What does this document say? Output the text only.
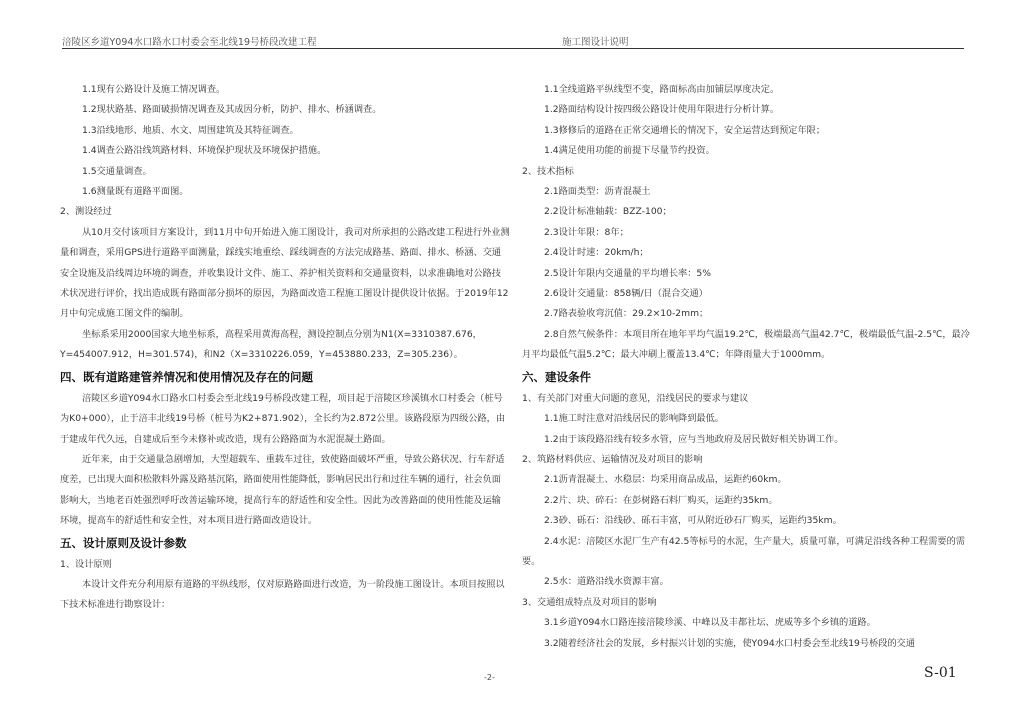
涪陵区乡道Y094水口路水口村委会至北线19号桥段改建工程	施工图设计说明

1.1现有公路设计及施工情况调查。

1.2现状路基、路面破损情况调查及其成因分析，防护、排水、桥涵调查。

1.3沿线地形、地质、水文、周围建筑及其特征调查。

1.4调查公路沿线筑路材料、环境保护现状及环境保护措施。

1.5交通量调查。

1.6测量既有道路平面图。

2、测设经过

从10月交付该项目方案设计，到11月中旬开始进入施工图设计，我司对所承担的公路改建工程进行外业测量和调查，采用GPS进行道路平面测量，踩线实地重绘、踩线调查的方法完成路基、路面、排水、桥涵、交通安全设施及沿线周边环境的调查，并收集设计文件、施工、养护相关资料和交通量资料，以求准确地对公路技术状况进行评价，找出造成既有路面部分损坏的原因，为路面改造工程施工图设计提供设计依据。于2019年12月中旬完成施工图文件的编制。

坐标系采用2000国家大地坐标系，高程采用黄海高程，测设控制点分别为N1(X=3310387.676，Y=454007.912，H=301.574)，和N2（X=3310226.059，Y=453880.233，Z=305.236）。

四、既有道路建管养情况和使用情况及存在的问题

涪陵区乡道Y094水口路水口村委会至北线19号桥段改建工程，项目起于涪陵区珍溪镇水口村委会（桩号为K0+000），止于涪丰北线19号桥（桩号为K2+871.902），全长约为2.872公里。该路段原为四级公路，由于建成年代久远，自建成后至今未修补或改造，现有公路路面为水泥混凝土路面。

近年来，由于交通量急剧增加，大型超载车、重载车过往，致使路面破坏严重，导致公路状况、行车舒适度差，已出现大面积松散料外露及路基沉陷，路面使用性能降低，影响居民出行和过往车辆的通行，社会负面影响大，当地老百姓强烈呼吁改善运输环境，提高行车的舒适性和安全性。因此为改善路面的使用性能及运输环境，提高车的舒适性和安全性，对本项目进行路面改造设计。

五、设计原则及设计参数

1、设计原则

本设计文件充分利用原有道路的平纵线形，仅对原路路面进行改造，为一阶段施工图设计。本项目按照以下技术标准进行勘察设计：

1.1全线道路平纵线型不变，路面标高由加铺层厚度决定。

1.2路面结构设计按四级公路设计使用年限进行分析计算。

1.3修修后的道路在正常交通增长的情况下，安全运营达到预定年限；

1.4满足使用功能的前提下尽量节约投资。

2、技术指标

2.1路面类型：沥青混凝土

2.2设计标准轴载：BZZ-100；

2.3设计年限：8年；

2.4设计时速：20km/h；

2.5设计年限内交通量的平均增长率：5%

2.6设计交通量：858辆/日（混合交通）

2.7路表验收弯沉值：29.2×10-2mm；

2.8自然气候条件：本项目所在地年平均气温19.2℃，极端最高气温42.7℃，极端最低气温-2.5℃，最冷月平均最低气温5.2℃；最大冲刷上覆盖13.4℃；年降雨量大于1000mm。

六、建设条件

1、有关部门对重大问题的意见，沿线居民的要求与建议

1.1施工时注意对沿线居民的影响降到最低。

1.2由于该段路沿线有较多水管，应与当地政府及居民做好相关协调工作。

2、筑路材料供应、运输情况及对项目的影响

2.1沥青混凝土、水稳层：均采用商品成品，运距约60km。

2.2片、块、碎石：在彭树路石料厂购买，运距约35km。

2.3砂、砾石：沿线砂、砾石丰富，可从附近砂石厂购买，运距约35km。

2.4水泥：涪陵区水泥厂生产有42.5等标号的水泥，生产量大，质量可靠，可满足沿线各种工程需要的需要。

2.5水：道路沿线水资源丰富。

3、交通组成特点及对项目的影响

3.1乡道Y094水口路连接涪陵珍溪、中峰以及丰都社坛、虎威等多个乡镇的道路。

3.2随着经济社会的发展，乡村振兴计划的实施，使Y094水口村委会至北线19号桥段的交通

-2-	S-01
